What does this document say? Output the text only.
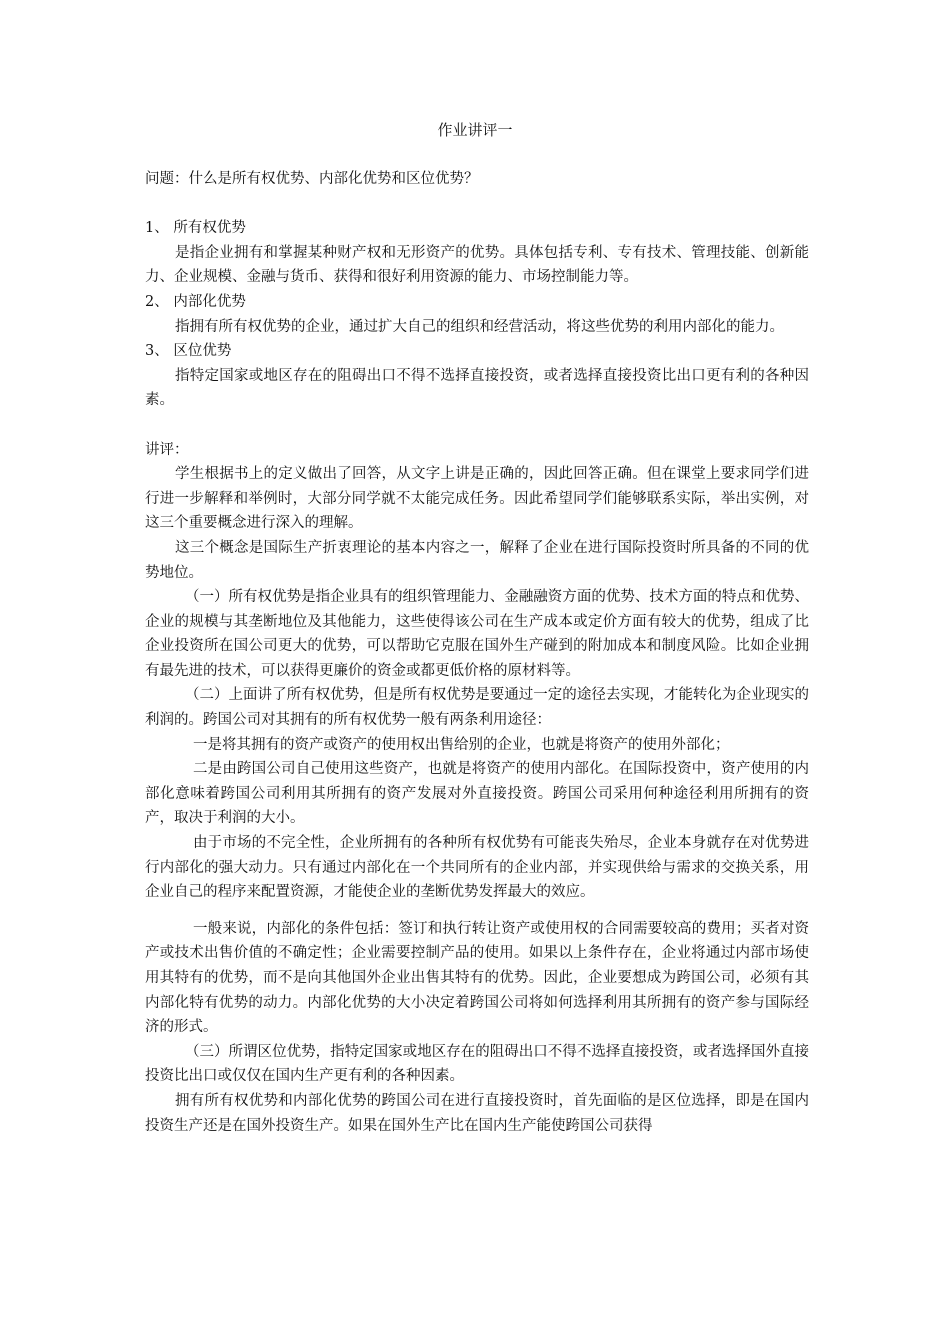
作业讲评一

问题：什么是所有权优势、内部化优势和区位优势？

1、 所有权优势

是指企业拥有和掌握某种财产权和无形资产的优势。具体包括专利、专有技术、管理技能、创新能力、企业规模、金融与货币、获得和很好利用资源的能力、市场控制能力等。

2、 内部化优势

指拥有所有权优势的企业，通过扩大自己的组织和经营活动，将这些优势的利用内部化的能力。

3、 区位优势

指特定国家或地区存在的阻碍出口不得不选择直接投资，或者选择直接投资比出口更有利的各种因素。

讲评：

学生根据书上的定义做出了回答，从文字上讲是正确的，因此回答正确。但在课堂上要求同学们进行进一步解释和举例时，大部分同学就不太能完成任务。因此希望同学们能够联系实际，举出实例，对这三个重要概念进行深入的理解。

这三个概念是国际生产折衷理论的基本内容之一，解释了企业在进行国际投资时所具备的不同的优势地位。

（一）所有权优势是指企业具有的组织管理能力、金融融资方面的优势、技术方面的特点和优势、企业的规模与其垄断地位及其他能力，这些使得该公司在生产成本或定价方面有较大的优势，组成了比企业投资所在国公司更大的优势，可以帮助它克服在国外生产碰到的附加成本和制度风险。比如企业拥有最先进的技术，可以获得更廉价的资金或都更低价格的原材料等。

（二）上面讲了所有权优势，但是所有权优势是要通过一定的途径去实现，才能转化为企业现实的利润的。跨国公司对其拥有的所有权优势一般有两条利用途径：

一是将其拥有的资产或资产的使用权出售给别的企业，也就是将资产的使用外部化；

二是由跨国公司自己使用这些资产，也就是将资产的使用内部化。在国际投资中，资产使用的内部化意味着跨国公司利用其所拥有的资产发展对外直接投资。跨国公司采用何种途径利用所拥有的资产，取决于利润的大小。

由于市场的不完全性，企业所拥有的各种所有权优势有可能丧失殆尽，企业本身就存在对优势进行内部化的强大动力。只有通过内部化在一个共同所有的企业内部，并实现供给与需求的交换关系，用企业自己的程序来配置资源，才能使企业的垄断优势发挥最大的效应。

一般来说，内部化的条件包括：签订和执行转让资产或使用权的合同需要较高的费用；买者对资产或技术出售价值的不确定性；企业需要控制产品的使用。如果以上条件存在，企业将通过内部市场使用其特有的优势，而不是向其他国外企业出售其特有的优势。因此，企业要想成为跨国公司，必须有其内部化特有优势的动力。内部化优势的大小决定着跨国公司将如何选择利用其所拥有的资产参与国际经济的形式。

（三）所谓区位优势，指特定国家或地区存在的阻碍出口不得不选择直接投资，或者选择国外直接投资比出口或仅仅在国内生产更有利的各种因素。

拥有所有权优势和内部化优势的跨国公司在进行直接投资时，首先面临的是区位选择，即是在国内投资生产还是在国外投资生产。如果在国外生产比在国内生产能使跨国公司获得
